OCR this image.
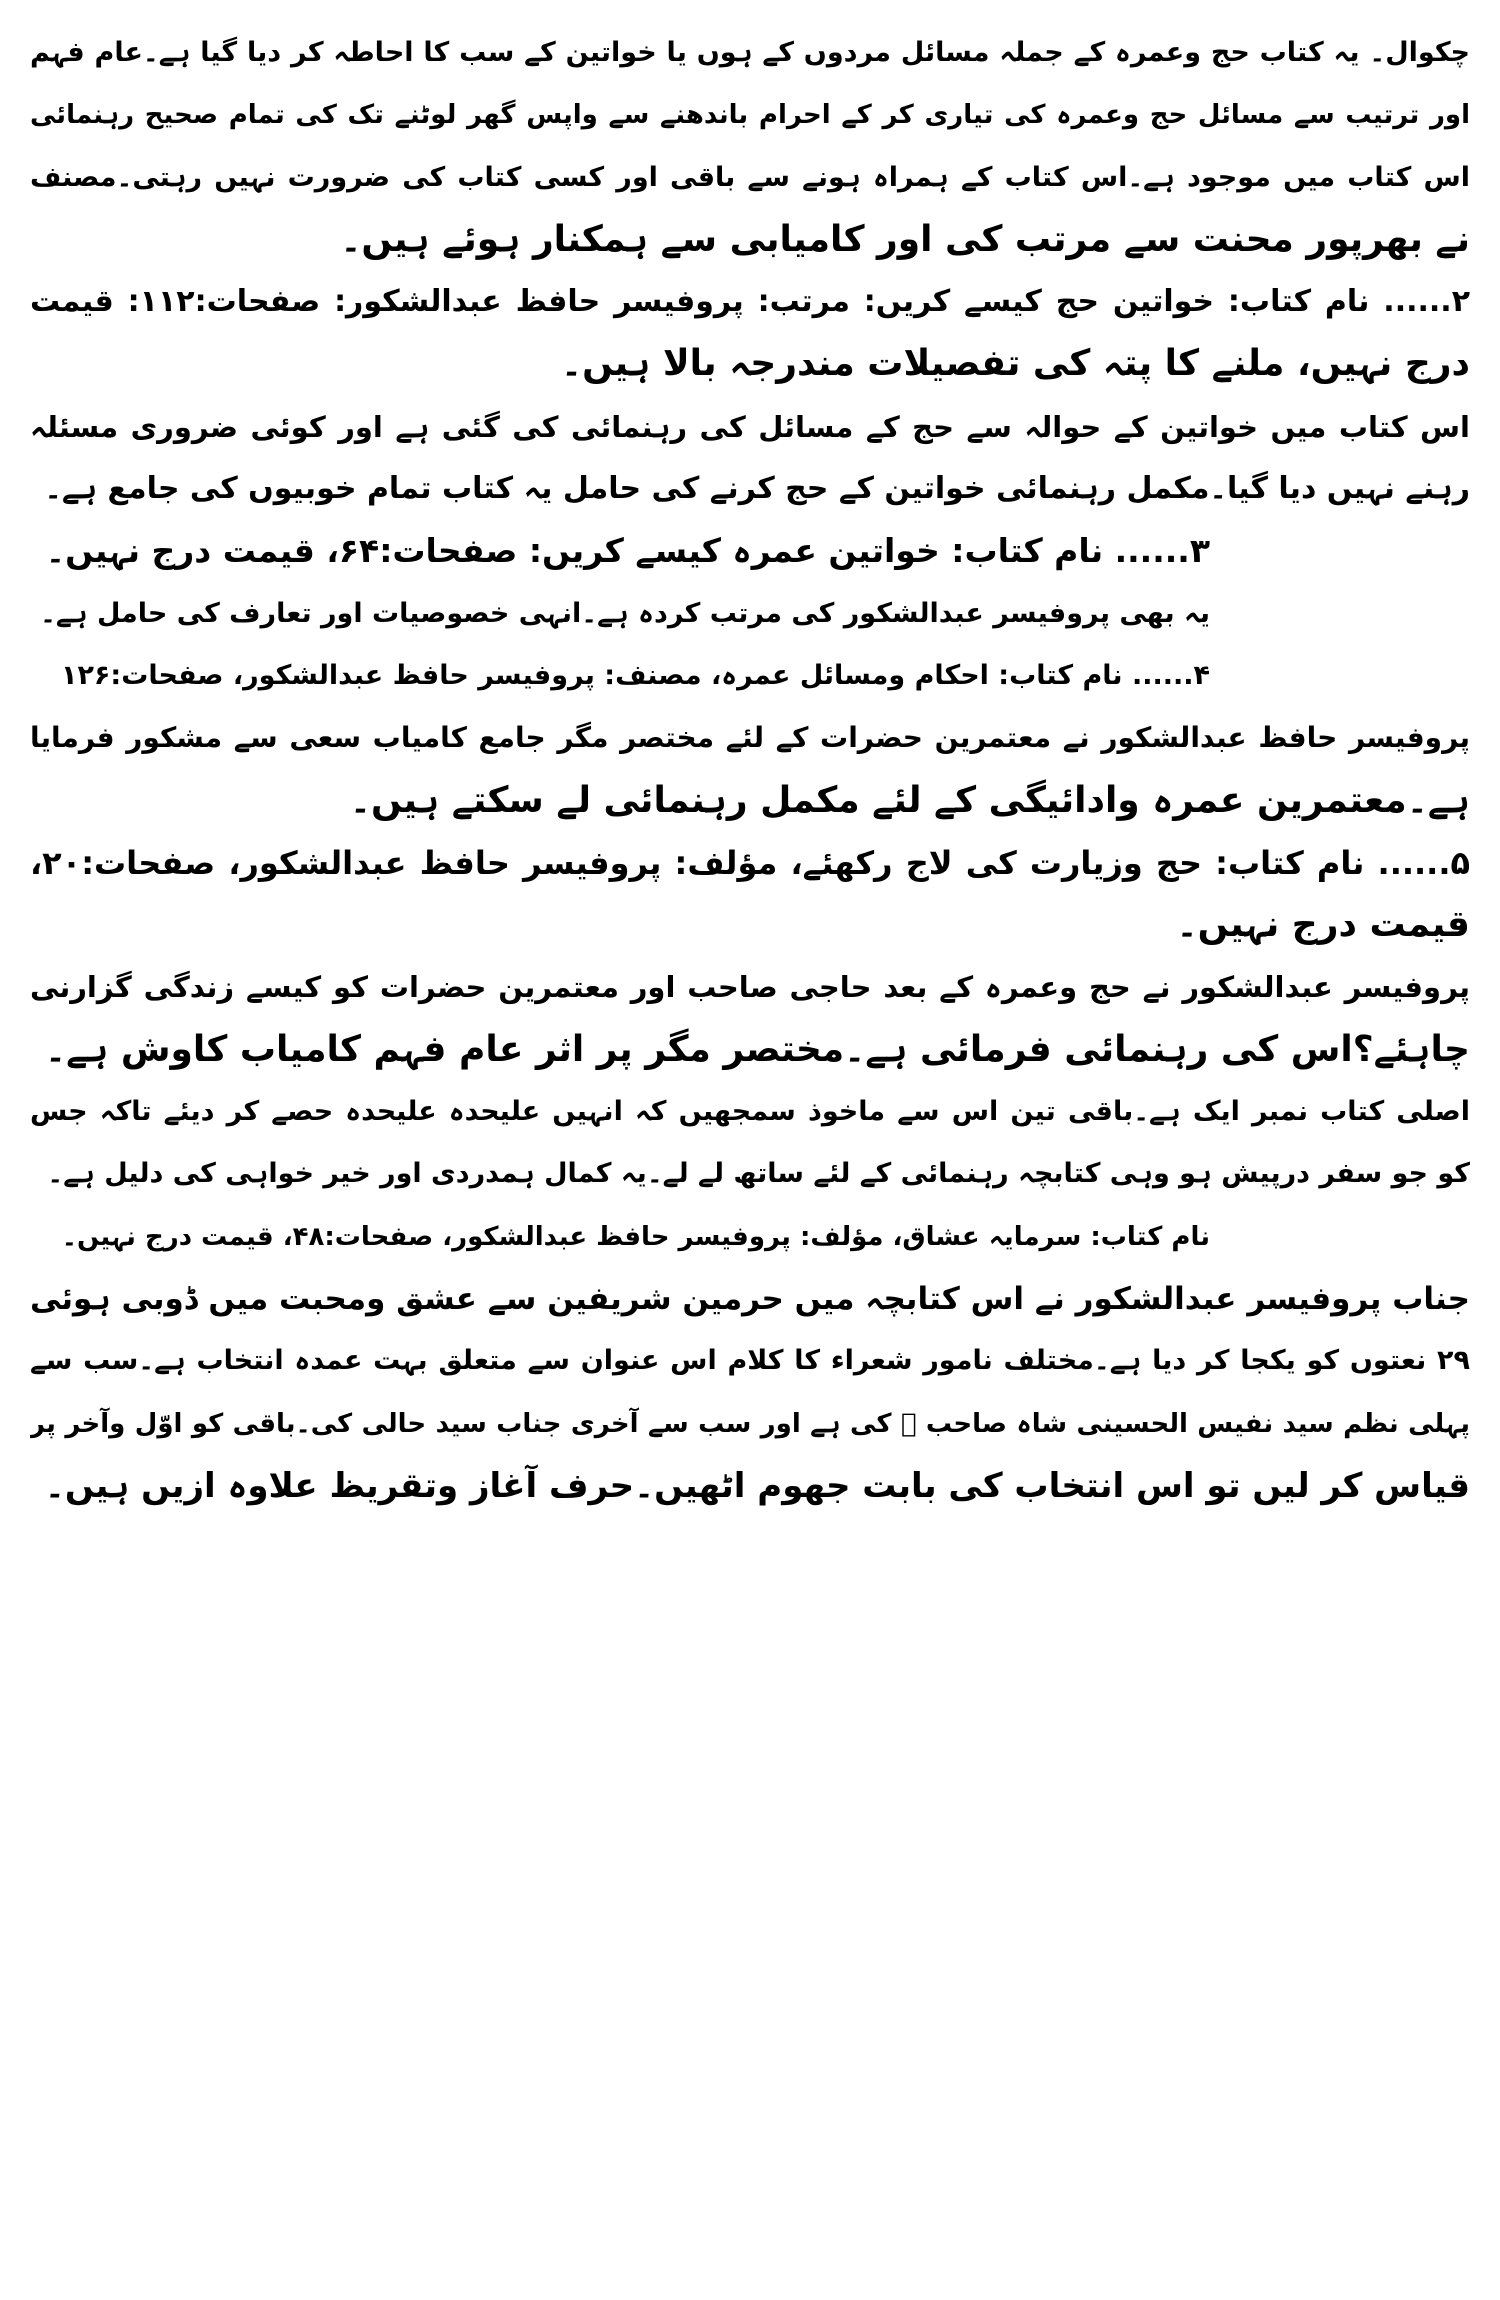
چکوال۔ یہ کتاب حج وعمرہ کے جملہ مسائل مردوں کے ہوں یا خواتین کے سب کا احاطہ کر دیا گیا ہے۔عام فہم
اور ترتیب سے مسائل حج وعمرہ کی تیاری کر کے احرام باندھنے سے واپس گھر لوٹنے تک کی تمام صحیح رہنمائی
اس کتاب میں موجود ہے۔اس کتاب کے ہمراہ ہونے سے باقی اور کسی کتاب کی ضرورت نہیں رہتی۔مصنف
نے بھرپور محنت سے مرتب کی اور کامیابی سے ہمکنار ہوئے ہیں۔
۲...... نام کتاب: خواتین حج کیسے کریں: مرتب: پروفیسر حافظ عبدالشکور: صفحات:۱۱۲: قیمت
درج نہیں، ملنے کا پتہ کی تفصیلات مندرجہ بالا ہیں۔
اس کتاب میں خواتین کے حوالہ سے حج کے مسائل کی رہنمائی کی گئی ہے اور کوئی ضروری مسئلہ
رہنے نہیں دیا گیا۔مکمل رہنمائی خواتین کے حج کرنے کی حامل یہ کتاب تمام خوبیوں کی جامع ہے۔
۳...... نام کتاب: خواتین عمرہ کیسے کریں: صفحات:۶۴، قیمت درج نہیں۔
یہ بھی پروفیسر عبدالشکور کی مرتب کردہ ہے۔انہی خصوصیات اور تعارف کی حامل ہے۔
۴...... نام کتاب: احکام ومسائل عمرہ، مصنف: پروفیسر حافظ عبدالشکور، صفحات:۱۲۶
پروفیسر حافظ عبدالشکور نے معتمرین حضرات کے لئے مختصر مگر جامع کامیاب سعی سے مشکور فرمایا
ہے۔معتمرین عمرہ وادائیگی کے لئے مکمل رہنمائی لے سکتے ہیں۔
۵...... نام کتاب: حج وزیارت کی لاج رکھئے، مؤلف: پروفیسر حافظ عبدالشکور، صفحات:۲۰،
قیمت درج نہیں۔
پروفیسر عبدالشکور نے حج وعمرہ کے بعد حاجی صاحب اور معتمرین حضرات کو کیسے زندگی گزارنی
چاہئے؟اس کی رہنمائی فرمائی ہے۔مختصر مگر پر اثر عام فہم کامیاب کاوش ہے۔
اصلی کتاب نمبر ایک ہے۔باقی تین اس سے ماخوذ سمجھیں کہ انہیں علیحدہ علیحدہ حصے کر دیئے تاکہ جس
کو جو سفر درپیش ہو وہی کتابچہ رہنمائی کے لئے ساتھ لے لے۔یہ کمال ہمدردی اور خیر خواہی کی دلیل ہے۔
نام کتاب: سرمایہ عشاق، مؤلف: پروفیسر حافظ عبدالشکور، صفحات:۴۸، قیمت درج نہیں۔
جناب پروفیسر عبدالشکور نے اس کتابچہ میں حرمین شریفین سے عشق ومحبت میں ڈوبی ہوئی
۲۹ نعتوں کو یکجا کر دیا ہے۔مختلف نامور شعراء کا کلام اس عنوان سے متعلق بہت عمدہ انتخاب ہے۔سب سے
پہلی نظم سید نفیس الحسینی شاہ صاحب ﷫ کی ہے اور سب سے آخری جناب سید حالی کی۔باقی کو اوّل وآخر پر
قیاس کر لیں تو اس انتخاب کی بابت جھوم اٹھیں۔حرف آغاز وتقریظ علاوہ ازیں ہیں۔
